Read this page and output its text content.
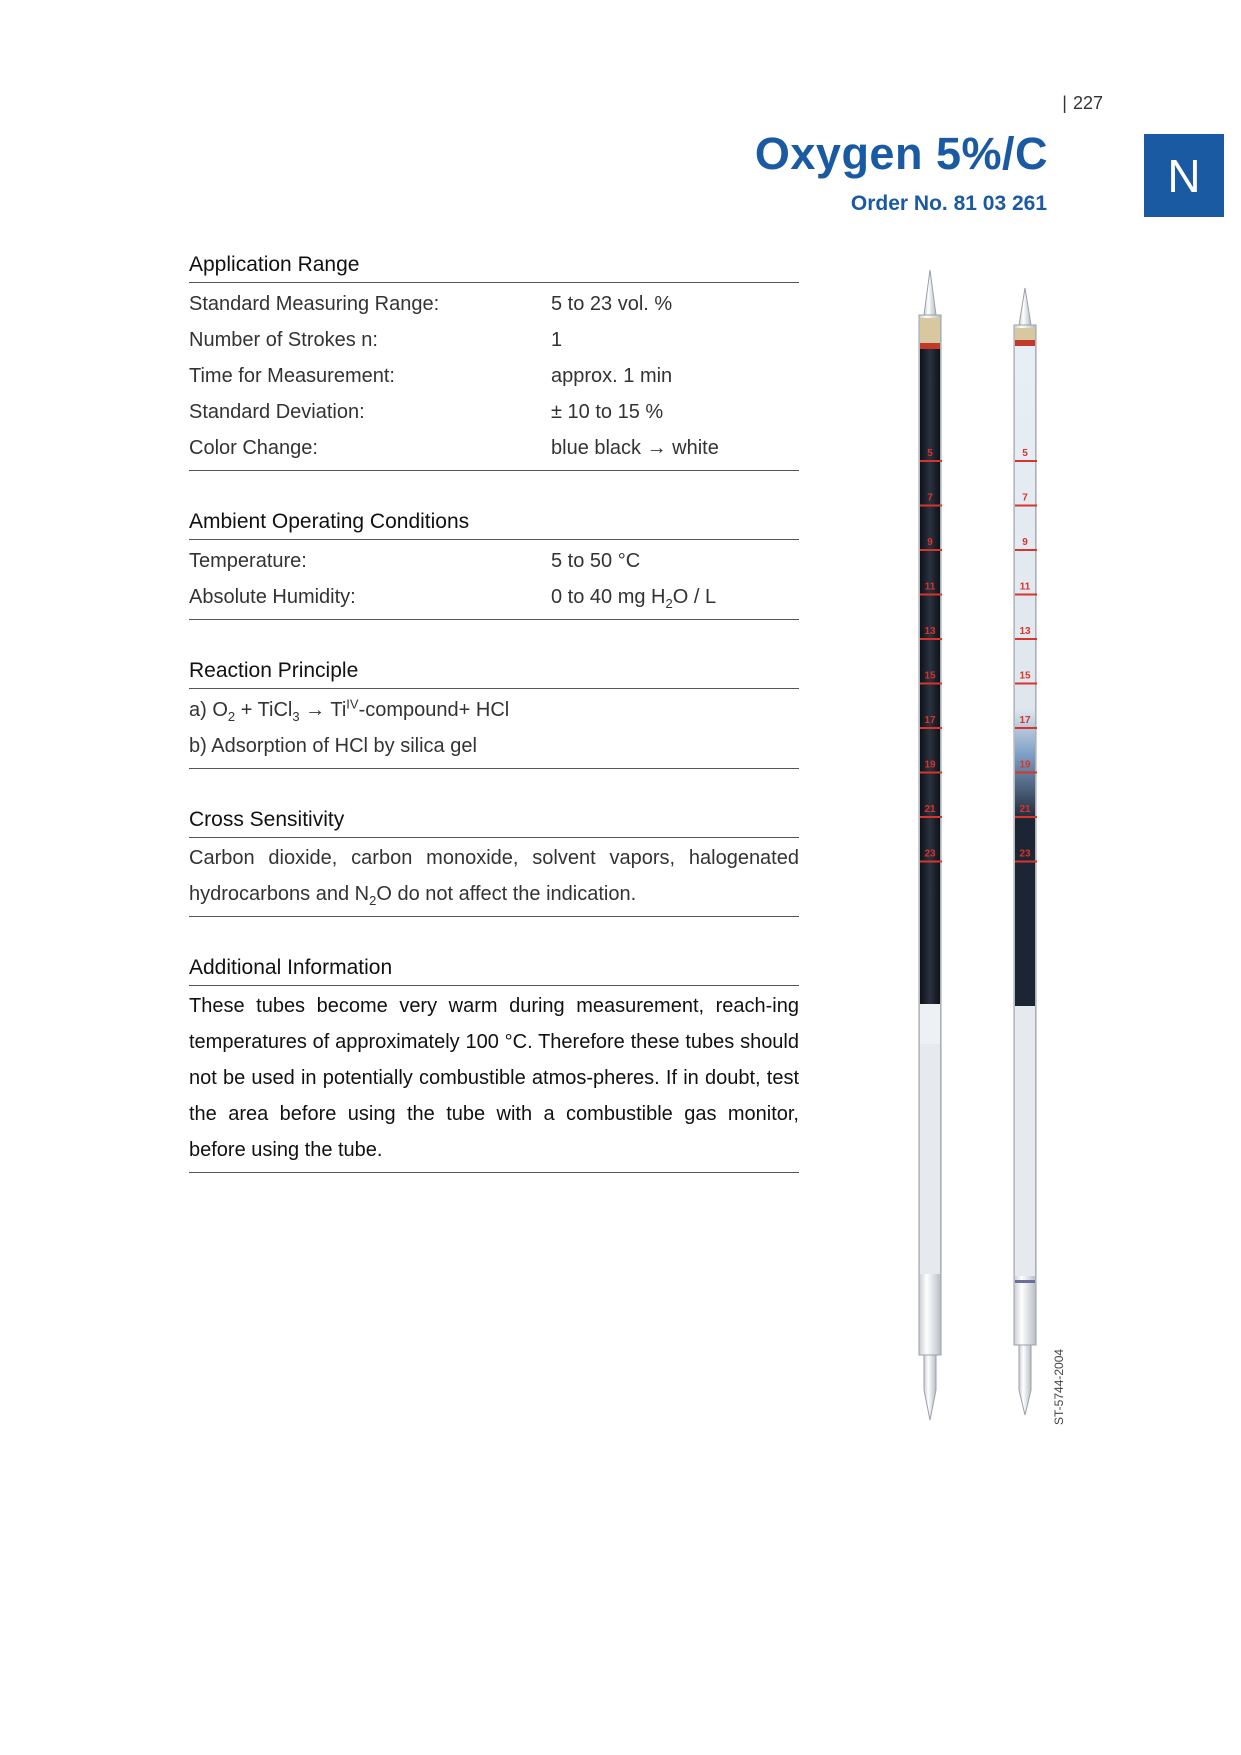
| 227
Oxygen 5%/C
Order No. 81 03 261
N
Application Range
Standard Measuring Range:	5 to 23 vol. %
Number of Strokes n:	1
Time for Measurement:	approx. 1 min
Standard Deviation:	± 10 to 15 %
Color Change:	blue black → white
Ambient Operating Conditions
Temperature:	5 to 50 °C
Absolute Humidity:	0 to 40 mg $H_2O$ / L
Reaction Principle
a) $O_2$ + TiCl$_3$ → $Ti^{IV}-compound+$ HCl
b) Adsorption of HCl by silica gel
Cross Sensitivity
Carbon dioxide, carbon monoxide, solvent vapors, halogenated hydrocarbons and $N_2O$ do not affect the indication.
Additional Information
These tubes become very warm during measurement, reach-ing temperatures of approximately 100 °C. Therefore these tubes should not be used in potentially combustible atmos-pheres. If in doubt, test the area before using the tube with a combustible gas monitor, before using the tube.
5
7
9
11
13
15
17
19
21
23
5
7
9
11
13
15
17
19
21
23
ST-5744-2004
